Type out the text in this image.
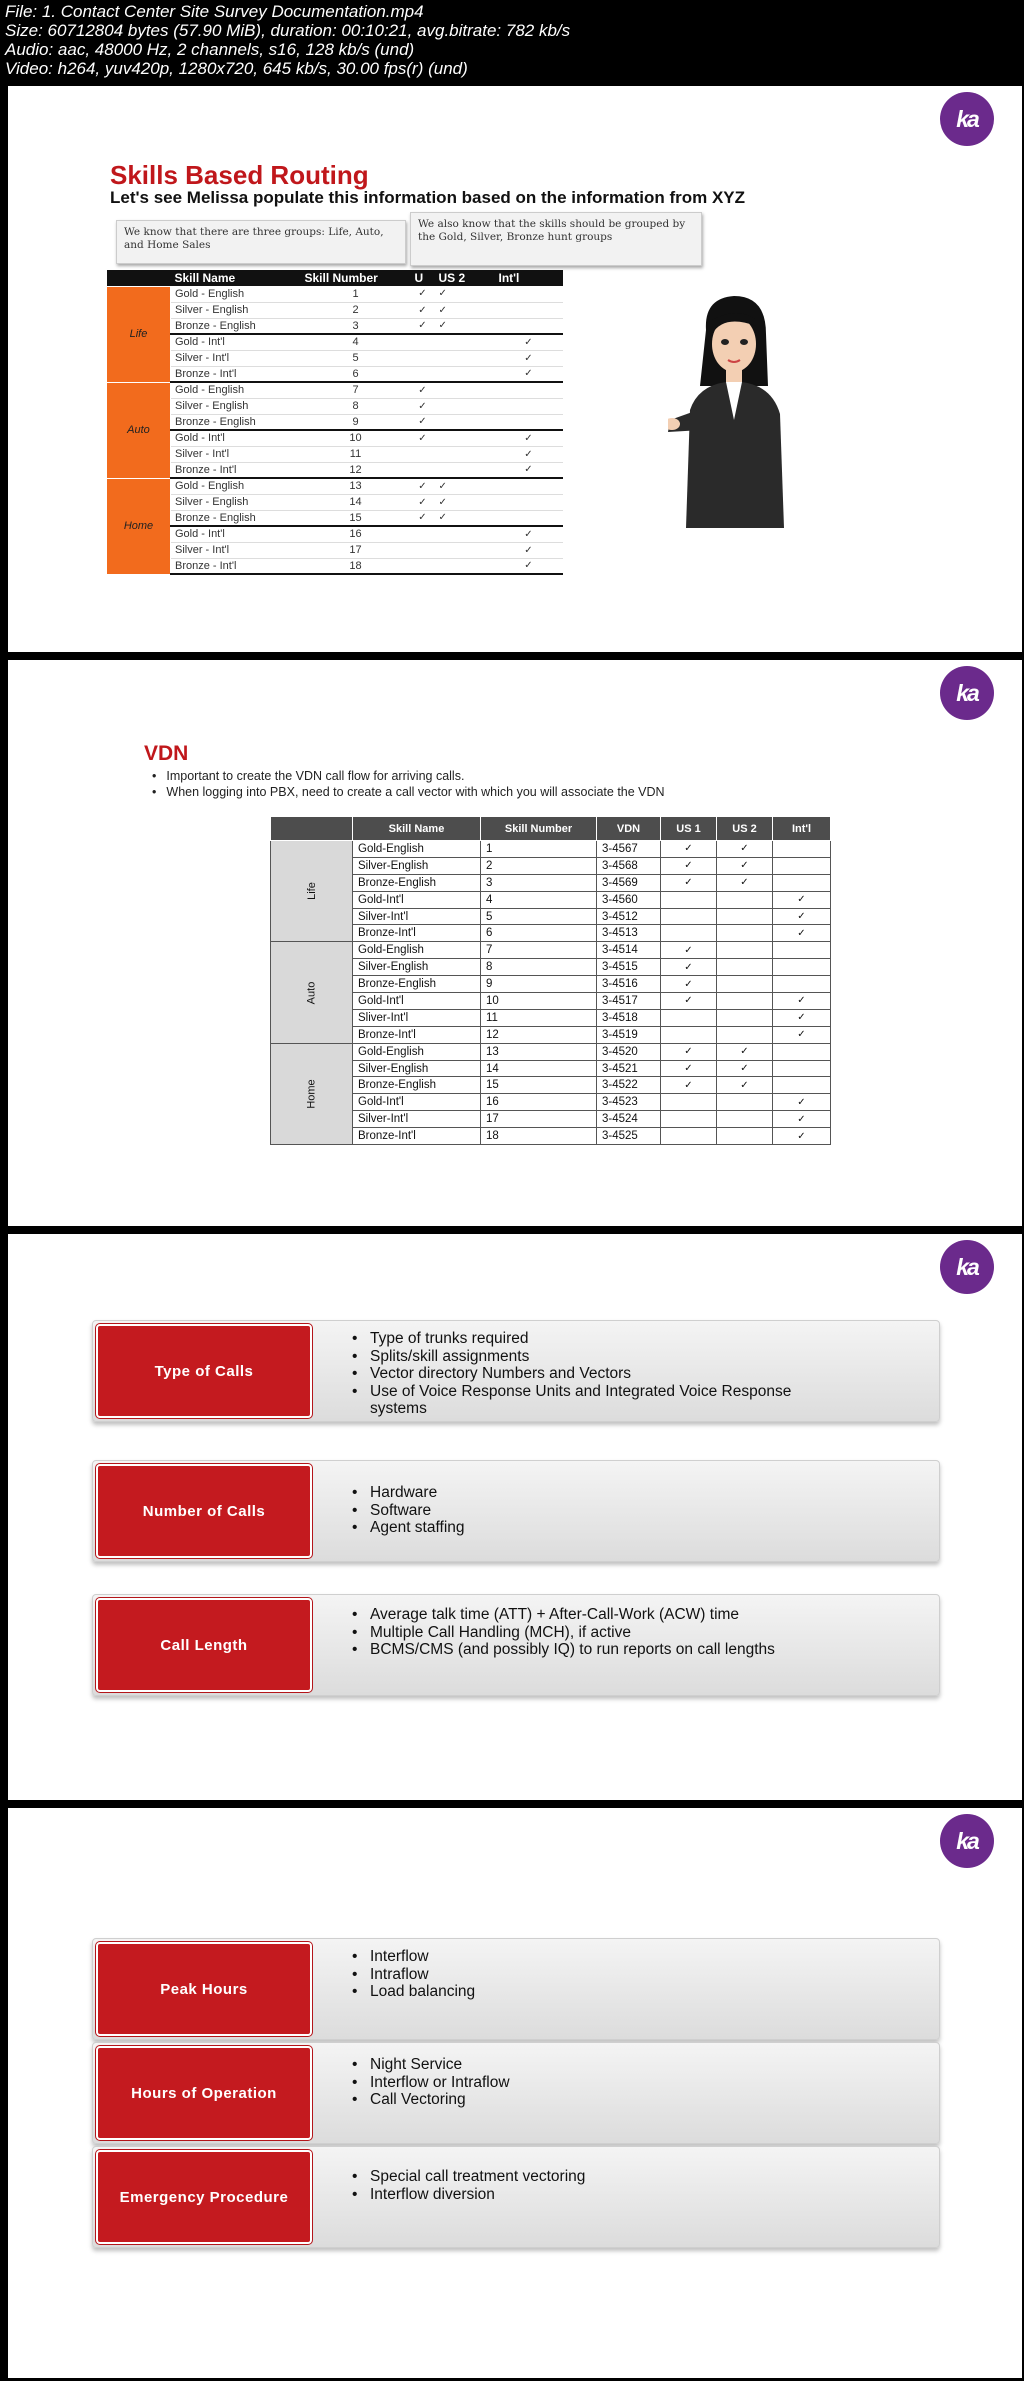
File: 1. Contact Center Site Survey Documentation.mp4
Size: 60712804 bytes (57.90 MiB), duration: 00:10:21, avg.bitrate: 782 kb/s
Audio: aac, 48000 Hz, 2 channels, s16, 128 kb/s (und)
Video: h264, yuv420p, 1280x720, 645 kb/s, 30.00 fps(r) (und)
ka
Skills Based Routing
Let's see Melissa populate this information based on the information from XYZ
We know that there are three groups: Life, Auto, and Home Sales
We also know that the skills should be grouped by the Gold, Silver, Bronze hunt groups
	Skill Name	Skill Number	U	US 2	Int'l
Life	Gold - English	1	✓	✓	
	Silver - English	2	✓	✓	
	Bronze - English	3	✓	✓	
	Gold - Int'l	4			✓
	Silver - Int'l	5			✓
	Bronze - Int'l	6			✓
Auto	Gold - English	7	✓		
	Silver - English	8	✓		
	Bronze - English	9	✓		
	Gold - Int'l	10	✓		✓
	Silver - Int'l	11			✓
	Bronze - Int'l	12			✓
Home	Gold - English	13	✓	✓	
	Silver - English	14	✓	✓	
	Bronze - English	15	✓	✓	
	Gold - Int'l	16			✓
	Silver - Int'l	17			✓
	Bronze - Int'l	18			✓
ka
VDN
• Important to create the VDN call flow for arriving calls.
• When logging into PBX, need to create a call vector with which you will associate the VDN
	Skill Name	Skill Number	VDN	US 1	US 2	Int'l
Life	Gold-English	1	3-4567	✓	✓	
	Silver-English	2	3-4568	✓	✓	
	Bronze-English	3	3-4569	✓	✓	
	Gold-Int'l	4	3-4560			✓
	Silver-Int'l	5	3-4512			✓
	Bronze-Int'l	6	3-4513			✓
Auto	Gold-English	7	3-4514	✓		
	Silver-English	8	3-4515	✓		
	Bronze-English	9	3-4516	✓		
	Gold-Int'l	10	3-4517	✓		✓
	Sliver-Int'l	11	3-4518			✓
	Bronze-Int'l	12	3-4519			✓
Home	Gold-English	13	3-4520	✓	✓	
	Silver-English	14	3-4521	✓	✓	
	Bronze-English	15	3-4522	✓	✓	
	Gold-Int'l	16	3-4523			✓
	Silver-Int'l	17	3-4524			✓
	Bronze-Int'l	18	3-4525			✓
ka
Type of Calls
• Type of trunks required
• Splits/skill assignments
• Vector directory Numbers and Vectors
• Use of Voice Response Units and Integrated Voice Response systems
Number of Calls
• Hardware
• Software
• Agent staffing
Call Length
• Average talk time (ATT) + After-Call-Work (ACW) time
• Multiple Call Handling (MCH), if active
• BCMS/CMS (and possibly IQ) to run reports on call lengths
ka
Peak Hours
• Interflow
• Intraflow
• Load balancing
Hours of Operation
• Night Service
• Interflow or Intraflow
• Call Vectoring
Emergency Procedure
• Special call treatment vectoring
• Interflow diversion
